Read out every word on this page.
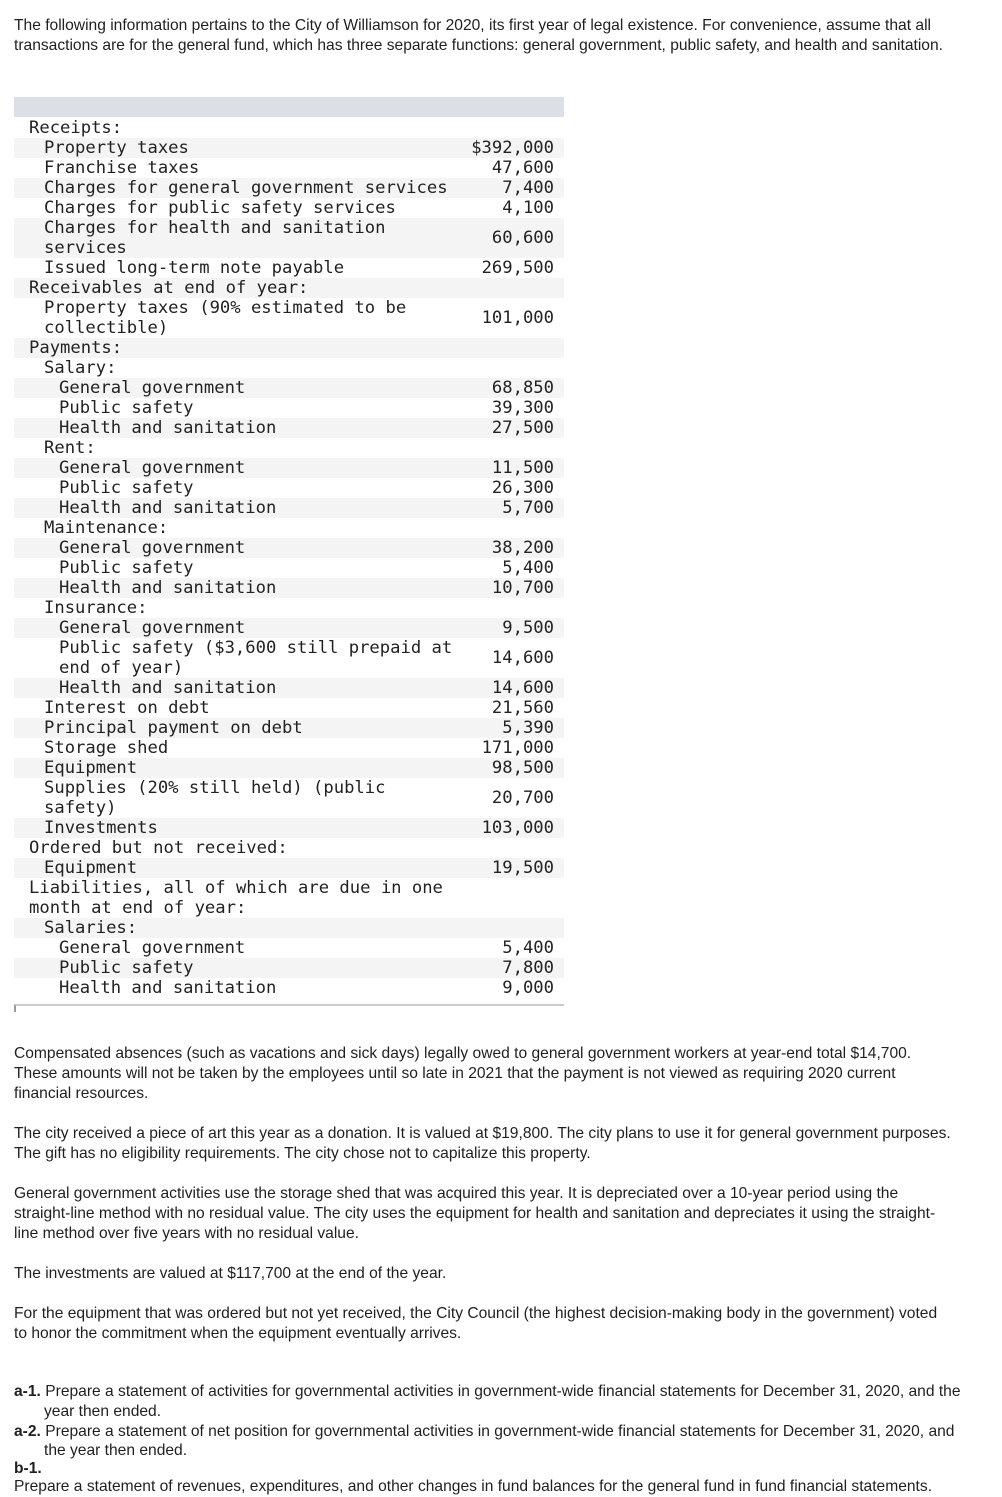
The following information pertains to the City of Williamson for 2020, its first year of legal existence. For convenience, assume that all transactions are for the general fund, which has three separate functions: general government, public safety, and health and sanitation.

Receipts:	
Property taxes	$392,000
Franchise taxes	47,600
Charges for general government services	7,400
Charges for public safety services	4,100
Charges for health and sanitation services	60,600
Issued long-term note payable	269,500
Receivables at end of year:	
Property taxes (90% estimated to be collectible)	101,000
Payments:	
Salary:	
General government	68,850
Public safety	39,300
Health and sanitation	27,500
Rent:	
General government	11,500
Public safety	26,300
Health and sanitation	5,700
Maintenance:	
General government	38,200
Public safety	5,400
Health and sanitation	10,700
Insurance:	
General government	9,500
Public safety ($3,600 still prepaid at end of year)	14,600
Health and sanitation	14,600
Interest on debt	21,560
Principal payment on debt	5,390
Storage shed	171,000
Equipment	98,500
Supplies (20% still held) (public safety)	20,700
Investments	103,000
Ordered but not received:	
Equipment	19,500
Liabilities, all of which are due in one month at end of year:	
Salaries:	
General government	5,400
Public safety	7,800
Health and sanitation	9,000

Compensated absences (such as vacations and sick days) legally owed to general government workers at year-end total $14,700. These amounts will not be taken by the employees until so late in 2021 that the payment is not viewed as requiring 2020 current financial resources.

The city received a piece of art this year as a donation. It is valued at $19,800. The city plans to use it for general government purposes. The gift has no eligibility requirements. The city chose not to capitalize this property.

General government activities use the storage shed that was acquired this year. It is depreciated over a 10-year period using the straight-line method with no residual value. The city uses the equipment for health and sanitation and depreciates it using the straight-line method over five years with no residual value.

The investments are valued at $117,700 at the end of the year.

For the equipment that was ordered but not yet received, the City Council (the highest decision-making body in the government) voted to honor the commitment when the equipment eventually arrives.

a-1. Prepare a statement of activities for governmental activities in government-wide financial statements for December 31, 2020, and the year then ended.

a-2. Prepare a statement of net position for governmental activities in government-wide financial statements for December 31, 2020, and the year then ended.

b-1.
Prepare a statement of revenues, expenditures, and other changes in fund balances for the general fund in fund financial statements.
